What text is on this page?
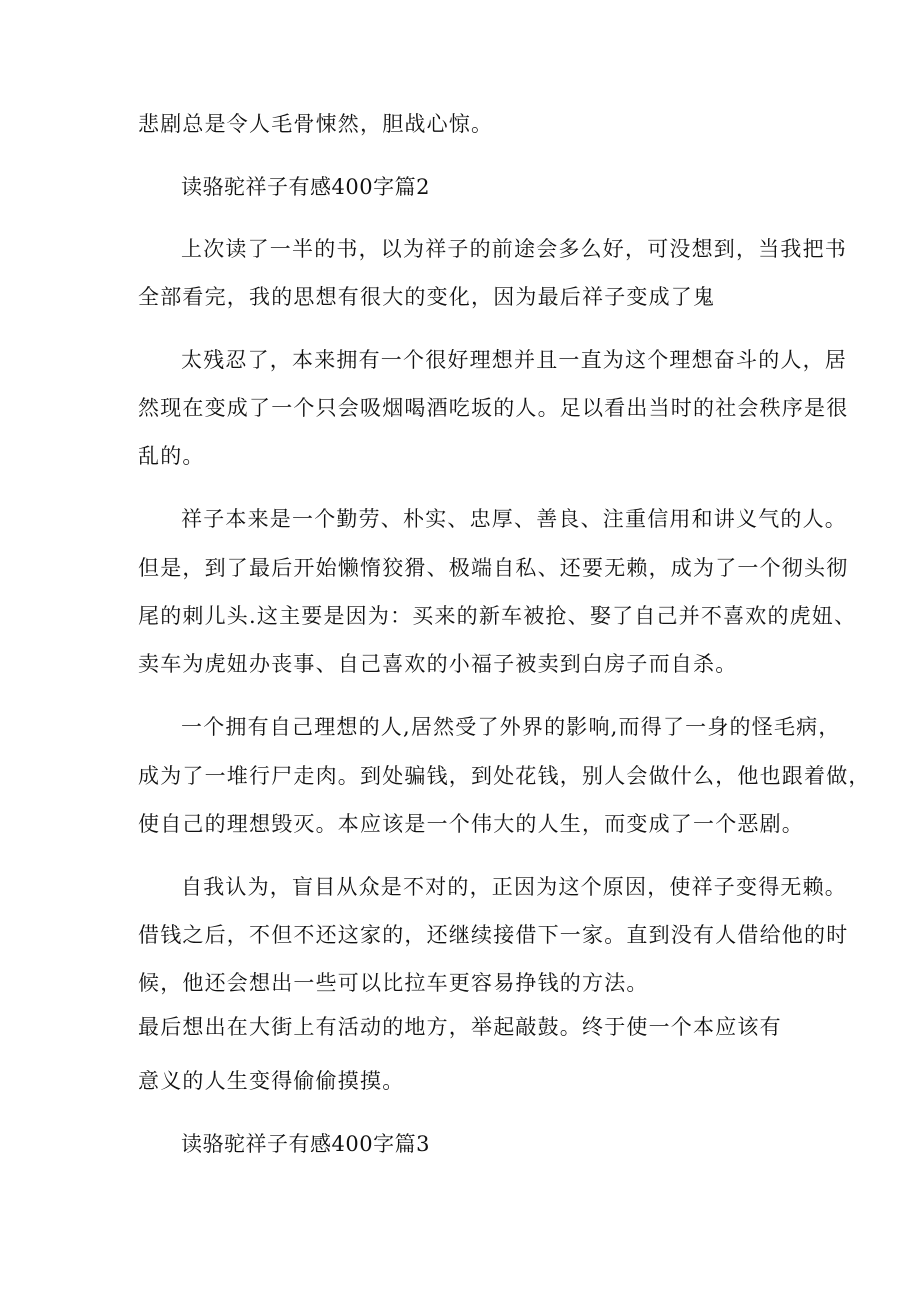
悲剧总是令人毛骨悚然，胆战心惊。

读骆驼祥子有感400字篇2

上次读了一半的书，以为祥子的前途会多么好，可没想到，当我把书

全部看完，我的思想有很大的变化，因为最后祥子变成了鬼

太残忍了，本来拥有一个很好理想并且一直为这个理想奋斗的人，居

然现在变成了一个只会吸烟喝酒吃坂的人。足以看出当时的社会秩序是很

乱的。

祥子本来是一个勤劳、朴实、忠厚、善良、注重信用和讲义气的人。

但是，到了最后开始懒惰狡猾、极端自私、还要无赖，成为了一个彻头彻

尾的刺儿头.这主要是因为：买来的新车被抢、娶了自己并不喜欢的虎妞、

卖车为虎妞办丧事、自己喜欢的小福子被卖到白房子而自杀。

一个拥有自己理想的人,居然受了外界的影响,而得了一身的怪毛病，

成为了一堆行尸走肉。到处骗钱，到处花钱，别人会做什么，他也跟着做，

使自己的理想毁灭。本应该是一个伟大的人生，而变成了一个恶剧。

自我认为，盲目从众是不对的，正因为这个原因，使祥子变得无赖。

借钱之后，不但不还这家的，还继续接借下一家。直到没有人借给他的时

候，他还会想出一些可以比拉车更容易挣钱的方法。

最后想出在大街上有活动的地方，举起敲鼓。终于使一个本应该有

意义的人生变得偷偷摸摸。

读骆驼祥子有感400字篇3
